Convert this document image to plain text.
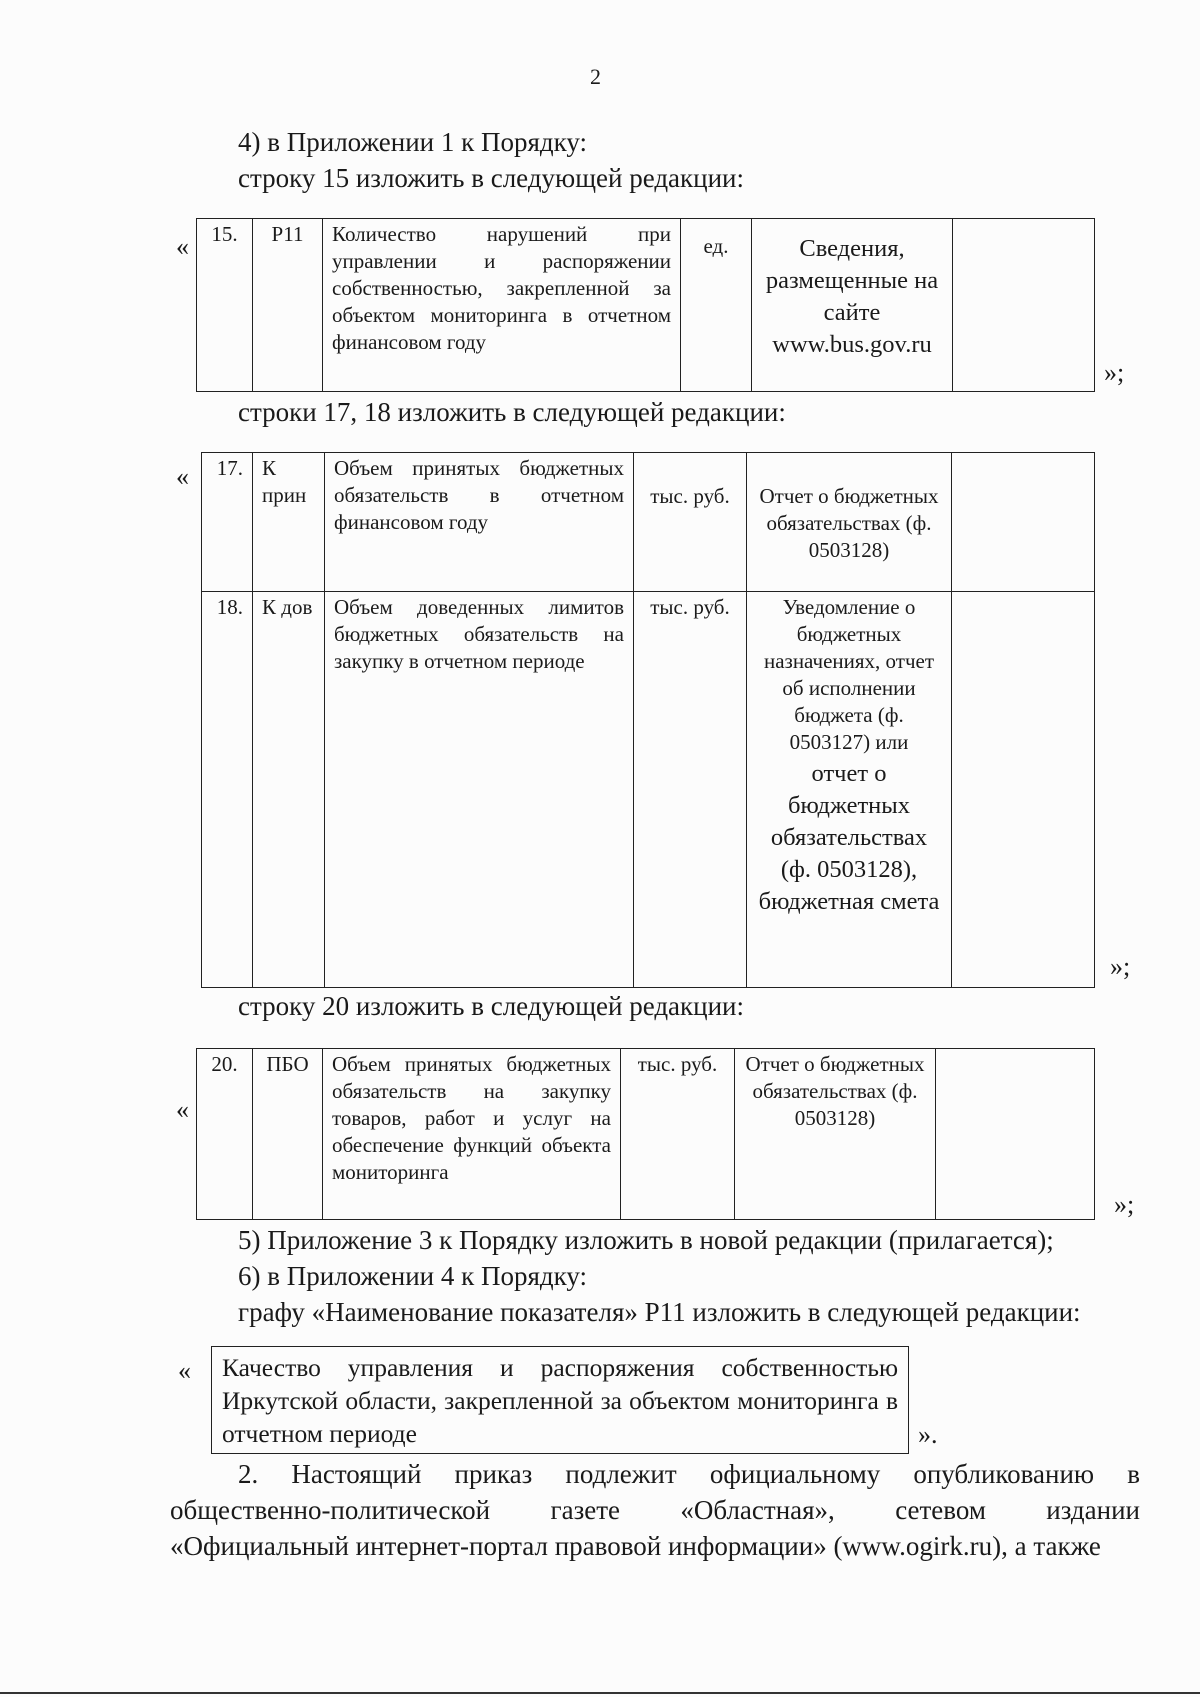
2
4) в Приложении 1 к Порядку:
строку 15 изложить в следующей редакции:
« 15.	Р11	Количество нарушений при управлении и распоряжении собственностью, закрепленной за объектом мониторинга в отчетном финансовом году	ед.	Сведения, размещенные на сайте www.bus.gov.ru	
»;
строки 17, 18 изложить в следующей редакции:
« 17.	К прин	Объем принятых бюджетных обязательств в отчетном финансовом году	тыс. руб.	Отчет о бюджетных обязательствах (ф. 0503128)	
18.	К дов	Объем доведенных лимитов бюджетных обязательств на закупку в отчетном периоде	тыс. руб.	Уведомление о бюджетных назначениях, отчет об исполнении бюджета (ф. 0503127) или
отчет о бюджетных обязательствах (ф. 0503128), бюджетная смета	

»;
строку 20 изложить в следующей редакции:
«
20.	ПБО	Объем принятых бюджетных обязательств на закупку товаров, работ и услуг на обеспечение функций объекта мониторинга	тыс. руб.	Отчет о бюджетных обязательствах (ф. 0503128)	
»;
5) Приложение 3 к Порядку изложить в новой редакции (прилагается);
6) в Приложении 4 к Порядку:
графу «Наименование показателя» Р11 изложить в следующей редакции:
«	Качество управления и распоряжения собственностью Иркутской области, закрепленной за объектом мониторинга в отчетном периоде	».
2. Настоящий приказ подлежит официальному опубликованию в
общественно-политической газете «Областная», сетевом издании
«Официальный интернет-портал правовой информации» (www.ogirk.ru), а также
